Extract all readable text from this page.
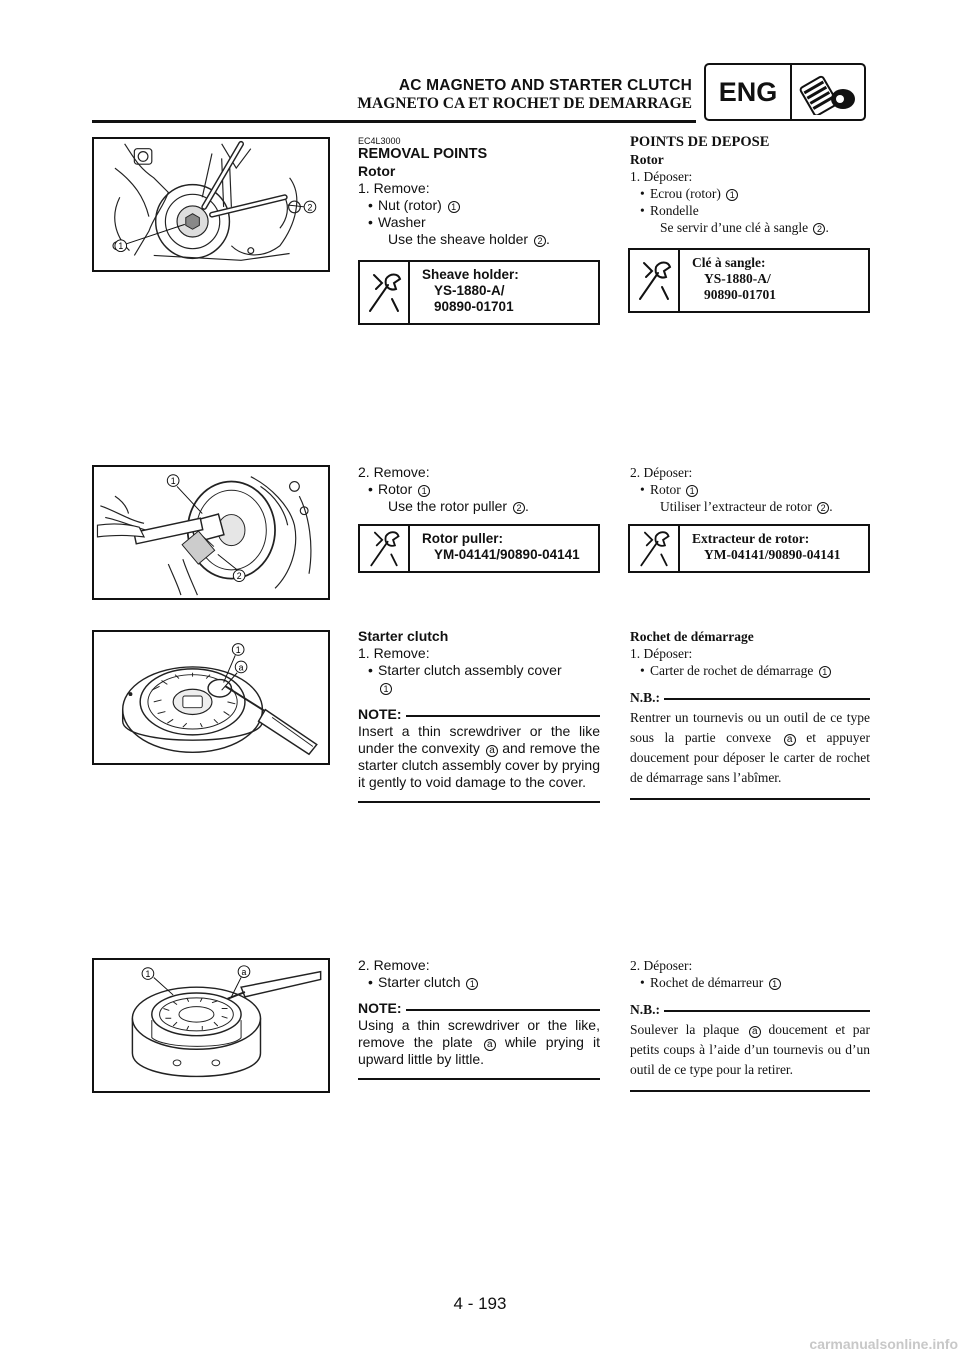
AC MAGNETO AND STARTER CLUTCH
MAGNETO CA ET ROCHET DE DEMARRAGE ENG
1
2
EC4L3000
REMOVAL POINTS
Rotor
1. Remove:
• Nut (rotor) 1
• Washer
Use the sheave holder 2 .
Sheave holder:
YS-1880-A/
90890-01701
POINTS DE DEPOSE
Rotor
1. Déposer:
• Ecrou (rotor) 1
• Rondelle
Se servir d’une clé à sangle 2 .
Clé à sangle:
YS-1880-A/
90890-01701
1
2
2. Remove:
• Rotor 1
Use the rotor puller 2 .
Rotor puller:
YM-04141/90890-04141
2. Déposer:
• Rotor 1
Utiliser l’extracteur de rotor 2 .
Extracteur de rotor:
YM-04141/90890-04141
1
a
Starter clutch
1. Remove:
• Starter clutch assembly cover
1
NOTE:
Insert a thin screwdriver or the like under the convexity a and remove the starter clutch assembly cover by prying it gently to void damage to the cover.
Rochet de démarrage
1. Déposer:
• Carter de rochet de démarrage 1
N.B.:
Rentrer un tournevis ou un outil de ce type sous la partie convexe a et appuyer doucement pour déposer le carter de rochet de démarrage sans l’abîmer.
1	a	2. Remove:
• Starter clutch 1
NOTE:
Using a thin screwdriver or the like, remove the plate a while prying it upward little by little.
2. Déposer:
• Rochet de démarreur 1
N.B.:
Soulever la plaque a doucement et par petits coups à l’aide d’un tournevis ou d’un outil de ce type pour la retirer.
4 - 193
carmanualsonline.info
